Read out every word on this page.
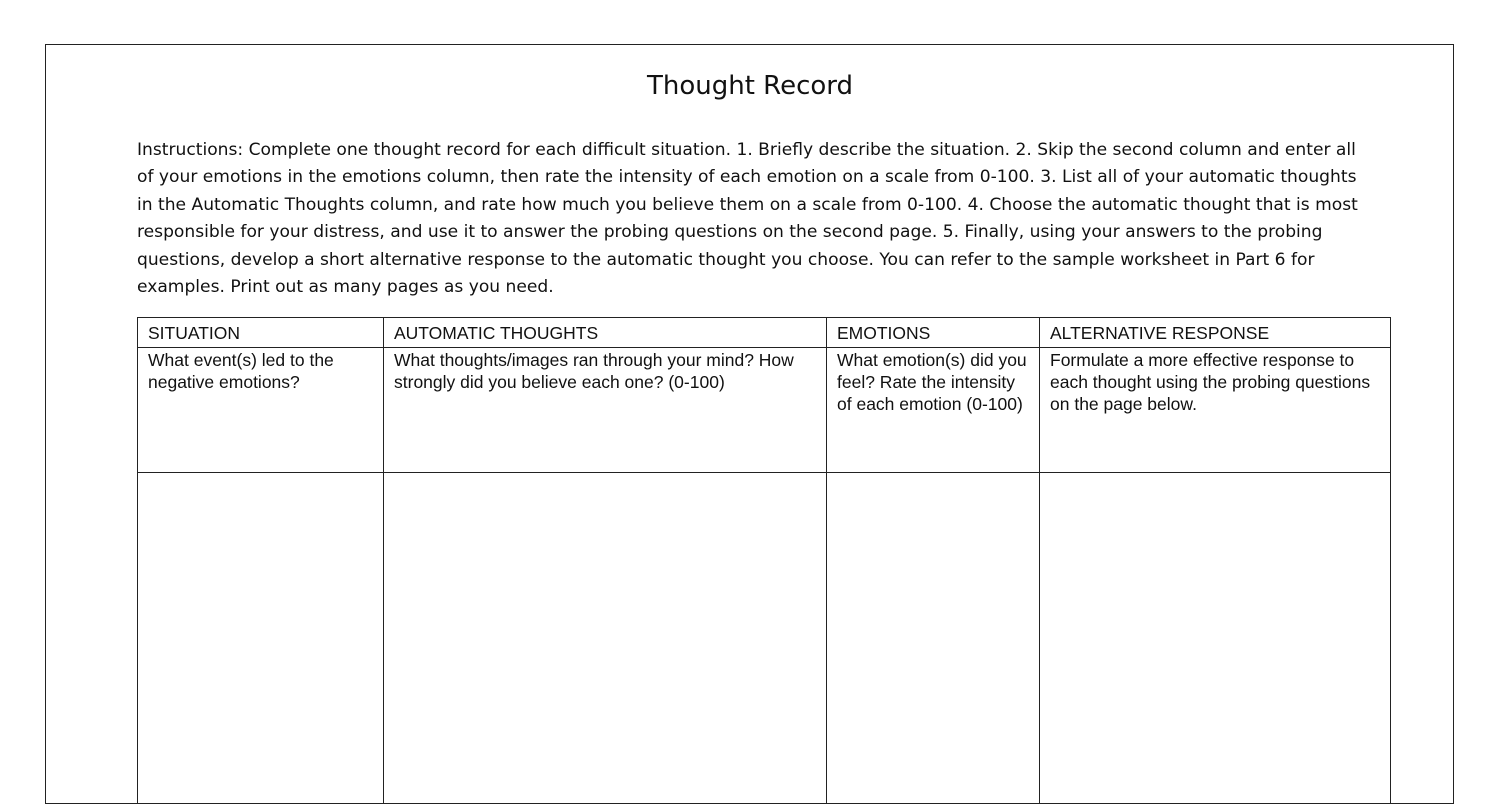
Thought Record

Instructions: Complete one thought record for each difficult situation. 1. Briefly describe the situation. 2. Skip the second column and enter all of your emotions in the emotions column, then rate the intensity of each emotion on a scale from 0-100. 3. List all of your automatic thoughts in the Automatic Thoughts column, and rate how much you believe them on a scale from 0-100. 4. Choose the automatic thought that is most responsible for your distress, and use it to answer the probing questions on the second page. 5. Finally, using your answers to the probing questions, develop a short alternative response to the automatic thought you choose. You can refer to the sample worksheet in Part 6 for examples. Print out as many pages as you need.

SITUATION	AUTOMATIC THOUGHTS	EMOTIONS	ALTERNATIVE RESPONSE
What event(s) led to the negative emotions?	What thoughts/images ran through your mind? How strongly did you believe each one? (0-100)	What emotion(s) did you feel? Rate the intensity of each emotion (0-100)	Formulate a more effective response to each thought using the probing questions on the page below.
